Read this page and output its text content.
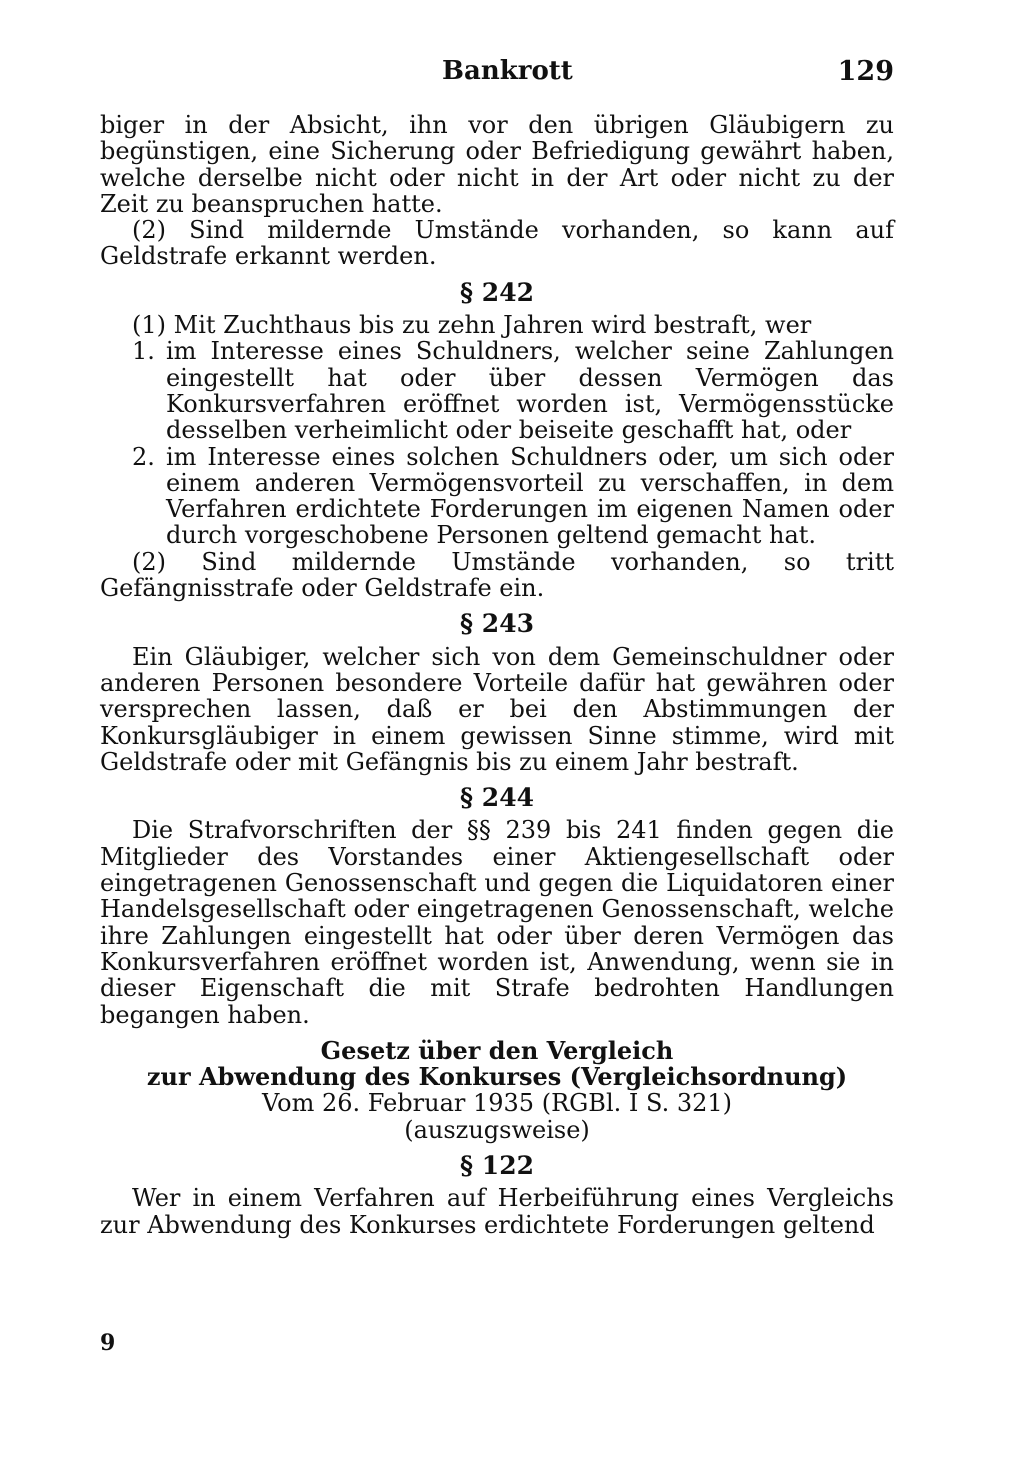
Bankrott	129

biger in der Absicht, ihn vor den übrigen Gläubigern zu begünstigen, eine Sicherung oder Befriedigung gewährt haben, welche derselbe nicht oder nicht in der Art oder nicht zu der Zeit zu beanspruchen hatte.

(2) Sind mildernde Umstände vorhanden, so kann auf Geldstrafe erkannt werden.

§ 242

(1) Mit Zuchthaus bis zu zehn Jahren wird bestraft, wer

1. im Interesse eines Schuldners, welcher seine Zahlungen eingestellt hat oder über dessen Vermögen das Konkursverfahren eröffnet worden ist, Vermögensstücke desselben verheimlicht oder beiseite geschafft hat, oder
2. im Interesse eines solchen Schuldners oder, um sich oder einem anderen Vermögensvorteil zu verschaffen, in dem Verfahren erdichtete Forderungen im eigenen Namen oder durch vorgeschobene Personen geltend gemacht hat.

(2) Sind mildernde Umstände vorhanden, so tritt Gefängnisstrafe oder Geldstrafe ein.

§ 243

Ein Gläubiger, welcher sich von dem Gemeinschuldner oder anderen Personen besondere Vorteile dafür hat gewähren oder versprechen lassen, daß er bei den Abstimmungen der Konkursgläubiger in einem gewissen Sinne stimme, wird mit Geldstrafe oder mit Gefängnis bis zu einem Jahr bestraft.

§ 244

Die Strafvorschriften der §§ 239 bis 241 finden gegen die Mitglieder des Vorstandes einer Aktiengesellschaft oder eingetragenen Genossenschaft und gegen die Liquidatoren einer Handelsgesellschaft oder eingetragenen Genossenschaft, welche ihre Zahlungen eingestellt hat oder über deren Vermögen das Konkursverfahren eröffnet worden ist, Anwendung, wenn sie in dieser Eigenschaft die mit Strafe bedrohten Handlungen begangen haben.

Gesetz über den Vergleich
zur Abwendung des Konkurses (Vergleichsordnung)
Vom 26. Februar 1935 (RGBl. I S. 321)
(auszugsweise)
§ 122

Wer in einem Verfahren auf Herbeiführung eines Vergleichs zur Abwendung des Konkurses erdichtete Forderungen geltend

9
